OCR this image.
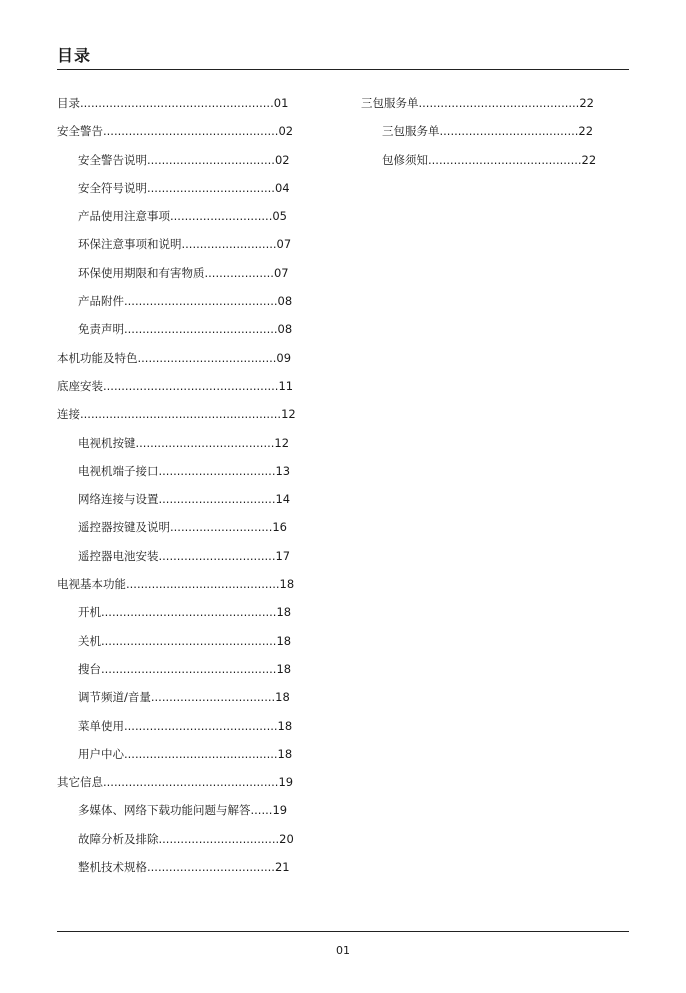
目录
目录.....................................................01
安全警告................................................02
安全警告说明...................................02
安全符号说明...................................04
产品使用注意事项............................05
环保注意事项和说明..........................07
环保使用期限和有害物质...................07
产品附件..........................................08
免责声明..........................................08
本机功能及特色......................................09
底座安装................................................11
连接.......................................................12
电视机按键......................................12
电视机端子接口................................13
网络连接与设置................................14
遥控器按键及说明............................16
遥控器电池安装................................17
电视基本功能..........................................18
开机................................................18
关机................................................18
搜台................................................18
调节频道/音量..................................18
菜单使用..........................................18
用户中心..........................................18
其它信息................................................19
多媒体、网络下载功能问题与解答......19
故障分析及排除.................................20
整机技术规格...................................21
三包服务单............................................22
三包服务单......................................22
包修须知..........................................22
01
